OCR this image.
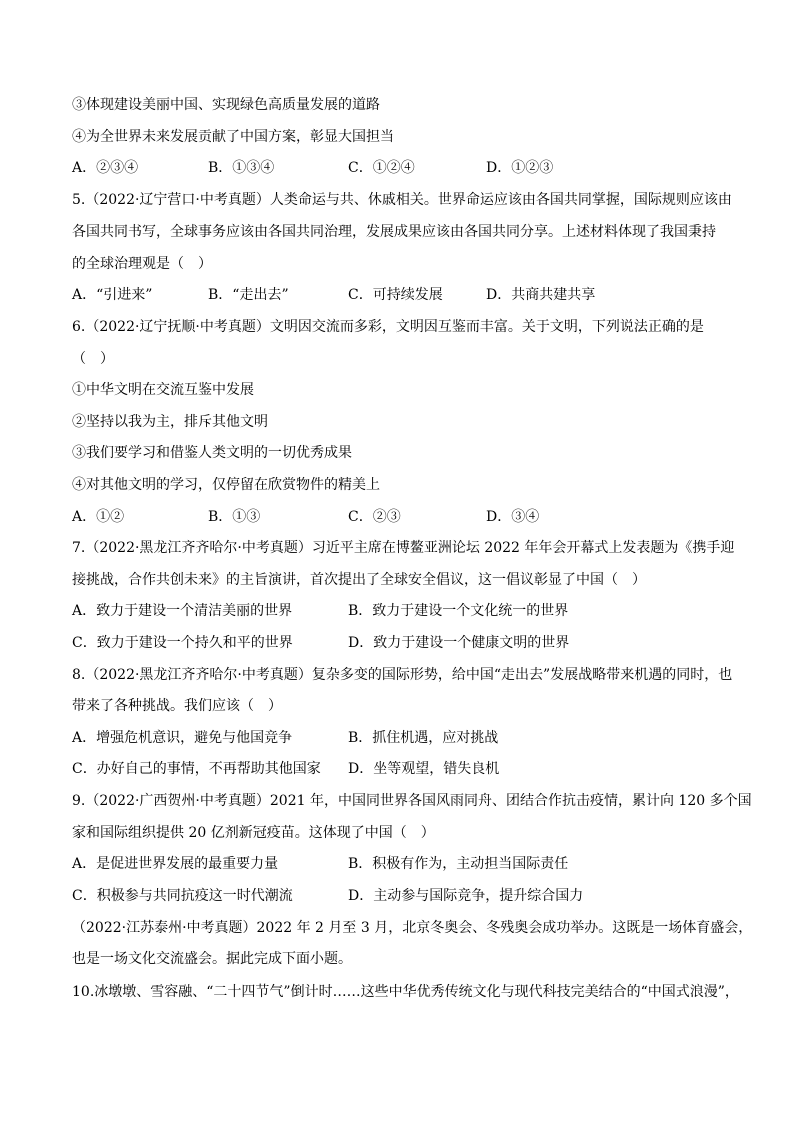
③体现建设美丽中国、实现绿色高质量发展的道路
④为全世界未来发展贡献了中国方案，彰显大国担当
A．②③④	B．①③④	C．①②④	D．①②③
5.（2022·辽宁营口·中考真题）人类命运与共、休戚相关。世界命运应该由各国共同掌握，国际规则应该由
各国共同书写，全球事务应该由各国共同治理，发展成果应该由各国共同分享。上述材料体现了我国秉持
的全球治理观是（　）
A．“引进来”	B．“走出去”	C．可持续发展	D．共商共建共享
6.（2022·辽宁抚顺·中考真题）文明因交流而多彩，文明因互鉴而丰富。关于文明，下列说法正确的是
（　）
①中华文明在交流互鉴中发展
②坚持以我为主，排斥其他文明
③我们要学习和借鉴人类文明的一切优秀成果
④对其他文明的学习，仅停留在欣赏物件的精美上
A．①②	B．①③	C．②③	D．③④
7.（2022·黑龙江齐齐哈尔·中考真题）习近平主席在博鳌亚洲论坛 2022 年年会开幕式上发表题为《携手迎
接挑战，合作共创未来》的主旨演讲，首次提出了全球安全倡议，这一倡议彰显了中国（　）
A．致力于建设一个清洁美丽的世界	B．致力于建设一个文化统一的世界
C．致力于建设一个持久和平的世界	D．致力于建设一个健康文明的世界
8.（2022·黑龙江齐齐哈尔·中考真题）复杂多变的国际形势，给中国“走出去”发展战略带来机遇的同时，也
带来了各种挑战。我们应该（　）
A．增强危机意识，避免与他国竞争	B．抓住机遇，应对挑战
C．办好自己的事情，不再帮助其他国家 D．坐等观望，错失良机
9.（2022·广西贺州·中考真题）2021 年，中国同世界各国风雨同舟、团结合作抗击疫情，累计向 120 多个国
家和国际组织提供 20 亿剂新冠疫苗。这体现了中国（　）
A．是促进世界发展的最重要力量	B．积极有作为，主动担当国际责任
C．积极参与共同抗疫这一时代潮流	D．主动参与国际竞争，提升综合国力
（2022·江苏泰州·中考真题）2022 年 2 月至 3 月，北京冬奥会、冬残奥会成功举办。这既是一场体育盛会，
也是一场文化交流盛会。据此完成下面小题。
10.冰墩墩、雪容融、“二十四节气”倒计时……这些中华优秀传统文化与现代科技完美结合的“中国式浪漫”，
